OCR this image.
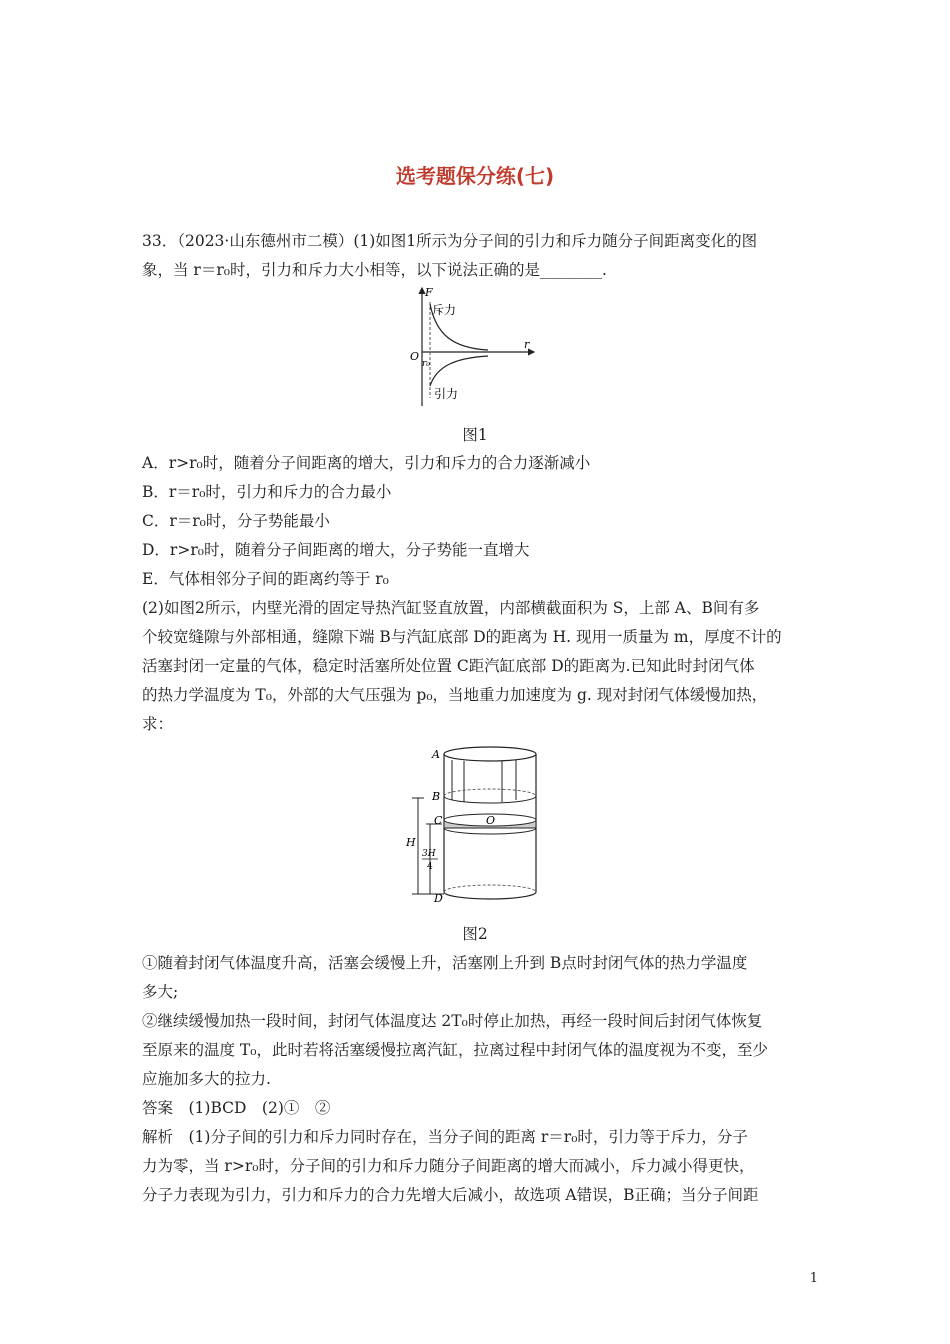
选考题保分练(七)
33．（2023·山东德州市二模）(1)如图1所示为分子间的引力和斥力随分子间距离变化的图
象，当 r＝r₀时，引力和斥力大小相等，以下说法正确的是________.
F
斥力
O
r
r₀
引力
图1
A．r>r₀时，随着分子间距离的增大，引力和斥力的合力逐渐减小
B．r＝r₀时，引力和斥力的合力最小
C．r＝r₀时，分子势能最小
D．r>r₀时，随着分子间距离的增大，分子势能一直增大
E．气体相邻分子间的距离约等于 r₀
(2)如图2所示，内壁光滑的固定导热汽缸竖直放置，内部横截面积为 S，上部 A、B间有多
个较宽缝隙与外部相通，缝隙下端 B与汽缸底部 D的距离为 H. 现用一质量为 m，厚度不计的
活塞封闭一定量的气体，稳定时活塞所处位置 C距汽缸底部 D的距离为.已知此时封闭气体
的热力学温度为 T₀，外部的大气压强为 p₀，当地重力加速度为 g. 现对封闭气体缓慢加热，
求：
A
B
C
D
O
H
3H
4
图2
①随着封闭气体温度升高，活塞会缓慢上升，活塞刚上升到 B点时封闭气体的热力学温度
多大;
②继续缓慢加热一段时间，封闭气体温度达 2T₀时停止加热，再经一段时间后封闭气体恢复
至原来的温度 T₀，此时若将活塞缓慢拉离汽缸，拉离过程中封闭气体的温度视为不变，至少
应施加多大的拉力.
答案　(1)BCD　(2)①　②
解析　(1)分子间的引力和斥力同时存在，当分子间的距离 r＝r₀时，引力等于斥力，分子
力为零，当 r>r₀时，分子间的引力和斥力随分子间距离的增大而减小，斥力减小得更快，
分子力表现为引力，引力和斥力的合力先增大后减小，故选项 A错误，B正确；当分子间距
1
